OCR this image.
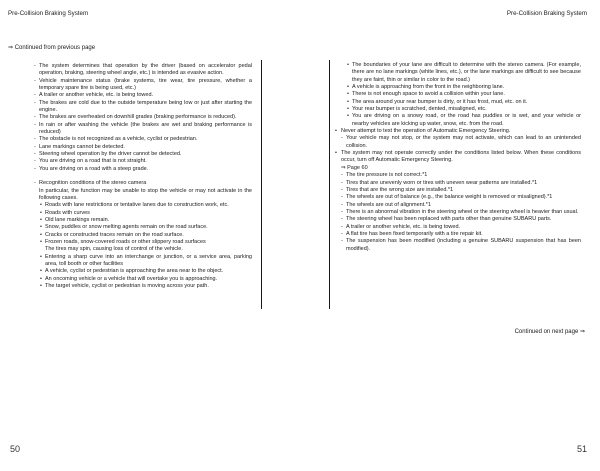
Pre-Collision Braking System	Pre-Collision Braking System
⇒ Continued from previous page
- The system determines that operation by the driver (based on accelerator pedal operation, braking, steering wheel angle, etc.) is intended as evasive action.
- Vehicle maintenance status (brake systems, tire wear, tire pressure, whether a temporary spare tire is being used, etc.)
- A trailer or another vehicle, etc. is being towed.
- The brakes are cold due to the outside temperature being low or just after starting the engine.
- The brakes are overheated on downhill grades (braking performance is reduced).
- In rain or after washing the vehicle (the brakes are wet and braking performance is reduced)
- The obstacle is not recognized as a vehicle, cyclist or pedestrian.
- Lane markings cannot be detected.
- Steering wheel operation by the driver cannot be detected.
- You are driving on a road that is not straight.
- You are driving on a road with a steep grade.
- Recognition conditions of the stereo camera
In particular, the function may be unable to stop the vehicle or may not activate in the following cases.
• Roads with lane restrictions or tentative lanes due to construction work, etc.
• Roads with curves
• Old lane markings remain.
• Snow, puddles or snow melting agents remain on the road surface.
• Cracks or constructed traces remain on the road surface.
• Frozen roads, snow-covered roads or other slippery road surfaces
The tires may spin, causing loss of control of the vehicle.
• Entering a sharp curve into an interchange or junction, or a service area, parking area, toll booth or other facilities
• A vehicle, cyclist or pedestrian is approaching the area near to the object.
• An oncoming vehicle or a vehicle that will overtake you is approaching.
• The target vehicle, cyclist or pedestrian is moving across your path.
• The boundaries of your lane are difficult to determine with the stereo camera. (For example, there are no lane markings (white lines, etc.), or the lane markings are difficult to see because they are faint, thin or similar in color to the road.)
• A vehicle is approaching from the front in the neighboring lane.
• There is not enough space to avoid a collision within your lane.
• The area around your rear bumper is dirty, or it has frost, mud, etc. on it.
• Your rear bumper is scratched, dented, misaligned, etc.
• You are driving on a snowy road, or the road has puddles or is wet, and your vehicle or nearby vehicles are kicking up water, snow, etc. from the road.
• Never attempt to test the operation of Automatic Emergency Steering.
- Your vehicle may not stop, or the system may not activate, which can lead to an unintended collision.
• The system may not operate correctly under the conditions listed below. When these conditions occur, turn off Automatic Emergency Steering.
⇒ Page 60
- The tire pressure is not correct.*1
- Tires that are unevenly worn or tires with uneven wear patterns are installed.*1
- Tires that are the wrong size are installed.*1
- The wheels are out of balance (e.g., the balance weight is removed or misaligned).*1
- The wheels are out of alignment.*1
- There is an abnormal vibration in the steering wheel or the steering wheel is heavier than usual.
- The steering wheel has been replaced with parts other than genuine SUBARU parts.
- A trailer or another vehicle, etc. is being towed.
- A flat tire has been fixed temporarily with a tire repair kit.
- The suspension has been modified (including a genuine SUBARU suspension that has been modified).
Continued on next page ⇒
50	51
